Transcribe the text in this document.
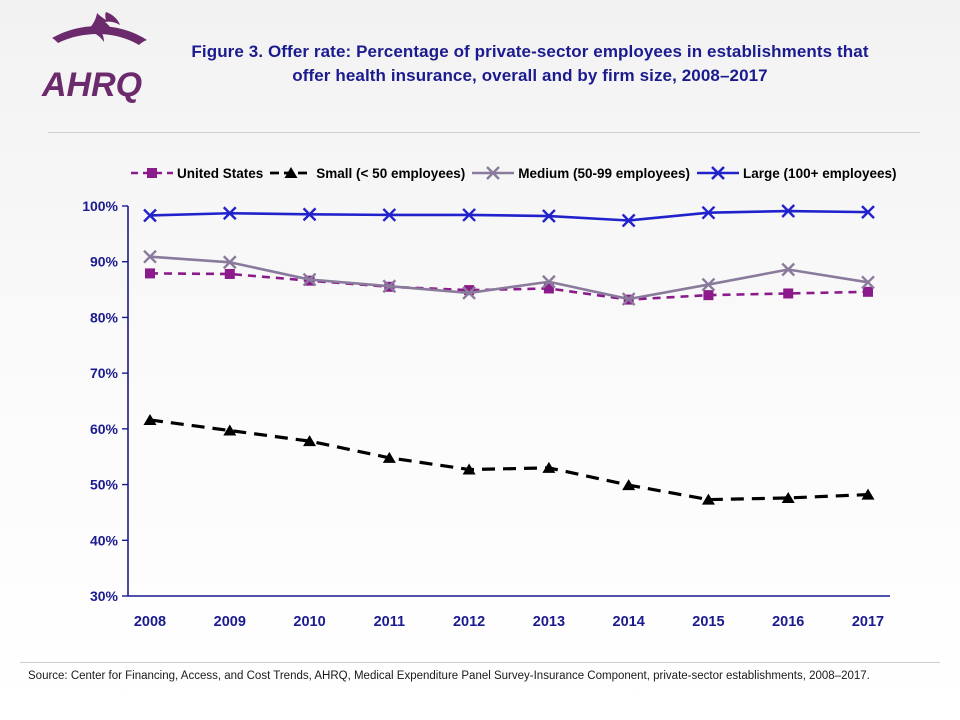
AHRQ
Figure 3. Offer rate: Percentage of private-sector employees in establishments that offer health insurance, overall and by firm size, 2008–2017
United States	Small (< 50 employees)	Medium (50-99 employees)	Large (100+ employees)
30%
40%
50%
60%
70%
80%
90%
100%
2008	2009	2010	2011	2012	2013	2014	2015	2016	2017
Source: Center for Financing, Access, and Cost Trends, AHRQ, Medical Expenditure Panel Survey-Insurance Component, private-sector establishments, 2008–2017.
